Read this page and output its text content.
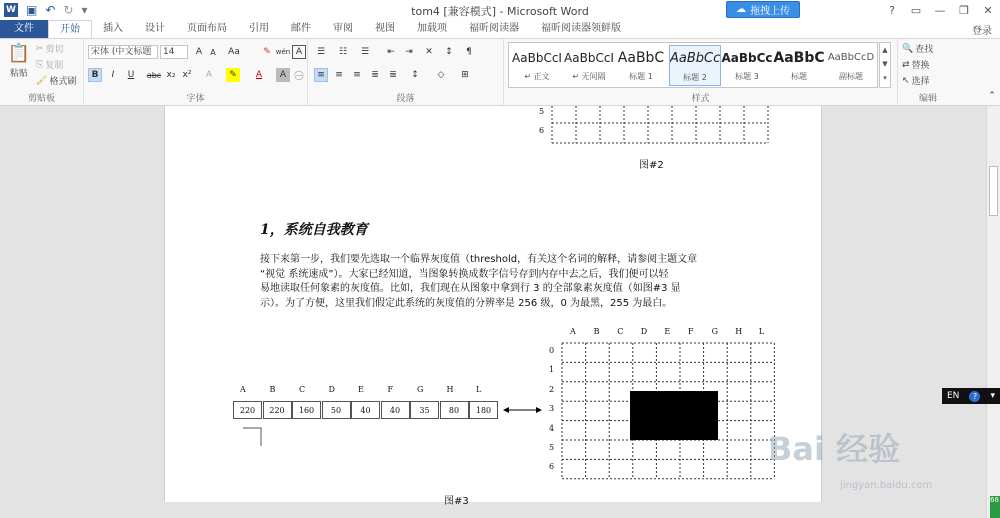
W ▣ ↶ ↻ ▾	tom4 [兼容模式] - Microsoft Word	☁ 拖拽上传	?	▭	—	❐	✕
文件	开始	插入	设计	页面布局	引用	邮件	审阅	视图	加载项	福昕阅读器	福昕阅读器领鲜版	登录
📋
粘贴
✂ 剪切
⎘ 复制
🖌 格式刷
剪贴板
宋体 (中文标题	14	A	A	Aa	✎ wén A
B	I	U	abc x₂ x²	A	✎	A	A ㊀
字体
☰	☷	☰	⇤	⇥	✕	↕	¶
≡	≡	≡	≣	≣	↕	◇	⊞
段落	样式
AaBbCcI
↵ 正文
AaBbCcI
↵ 无间隔
AaBbC
标题 1
AaBbCc
标题 2
AaBbCc
标题 3
AaBbC
标题
AaBbCcD
副标题
▲
▼
▾
🔍 查找
⇄ 替换
↖ 选择
编辑	⌃
5
6
图#2
1，系统自我教育

接下来第一步，我们要先选取一个临界灰度值（threshold，有关这个名词的解释，请参阅主题文章

“视觉 系统速成”）。大家已经知道，当图象转换成数字信号存到内存中去之后，我们便可以轻

易地读取任何象素的灰度值。比如，我们现在从图象中拿到行 3 的全部象素灰度值（如图#3 显

示）。为了方便，这里我们假定此系统的灰度值的分辨率是 256 级，0 为最黑，255 为最白。

A B C D E F G H L
0
1
2
3
4
5
6
A	B	C	D	E	F	G	H	L
220	220	160	50	40	40	35	80	180
图#3
EN	?	▾
Bai 经验
jingyan.baidu.com
68
